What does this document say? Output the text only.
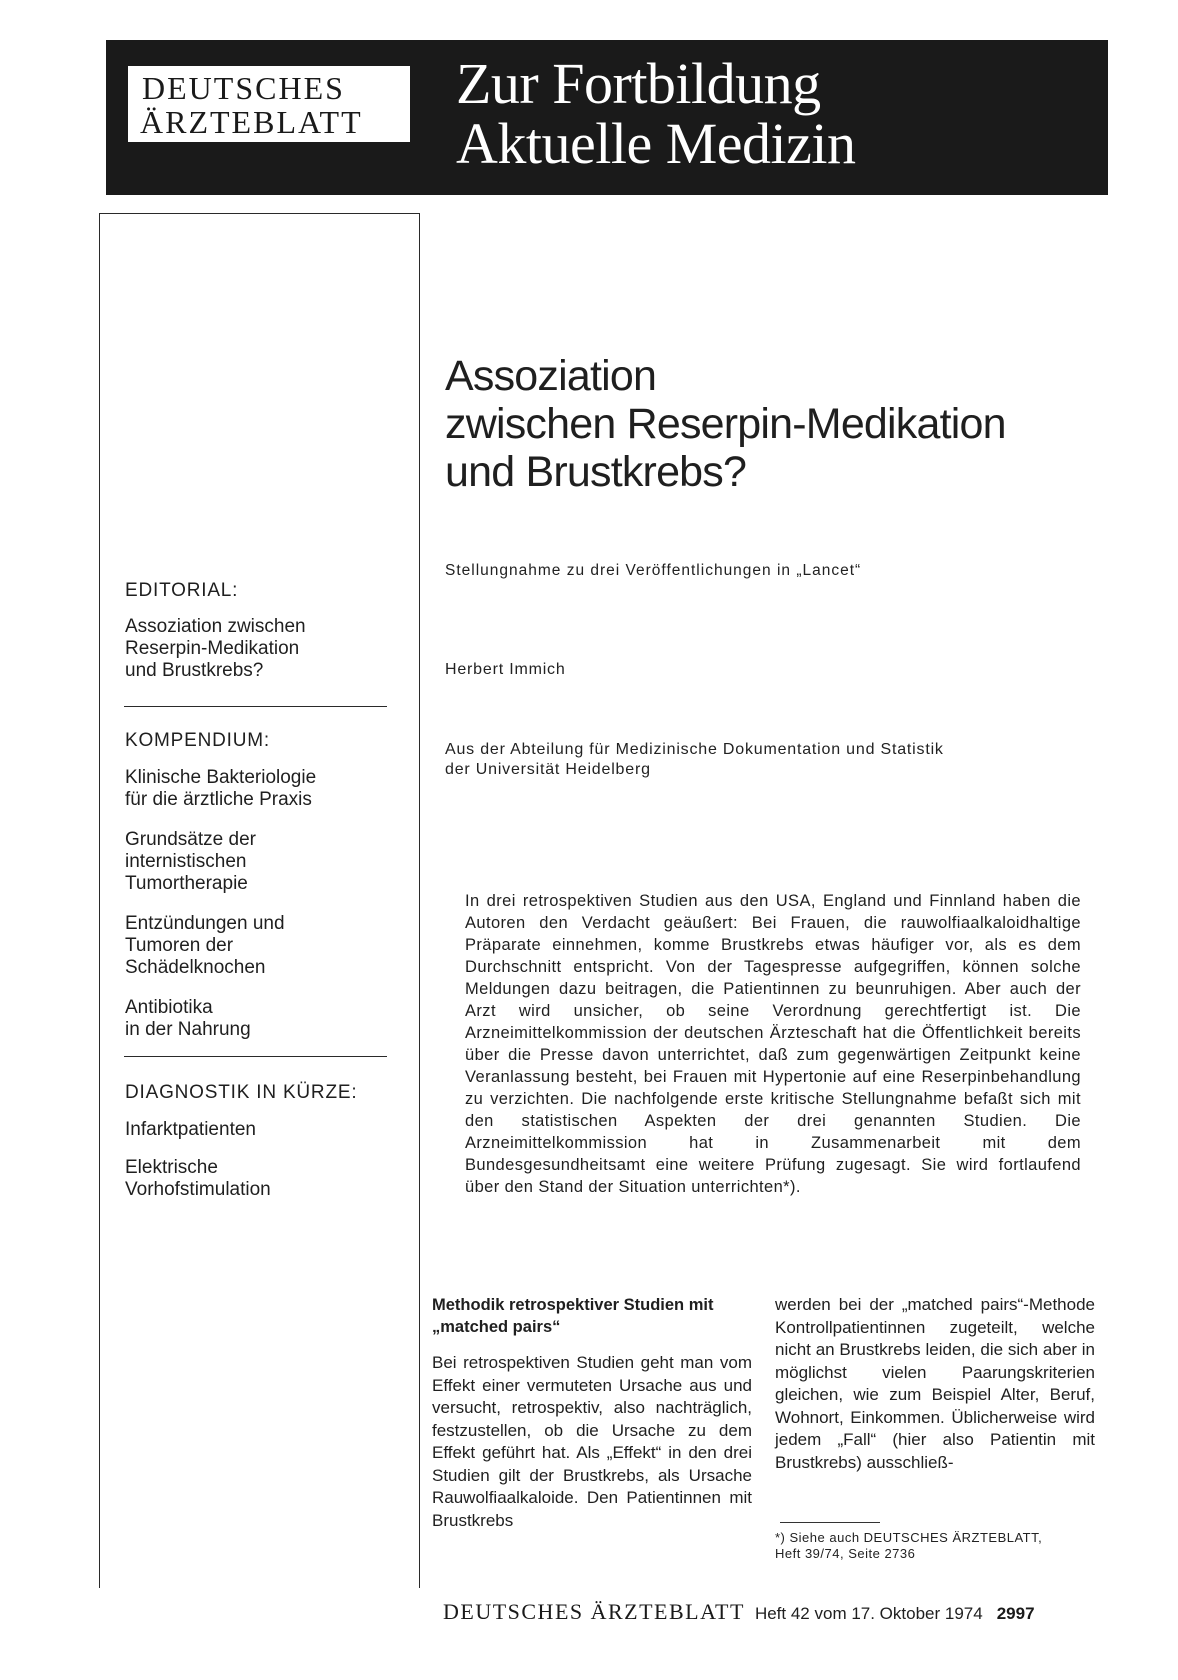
DEUTSCHES
ÄRZTEBLATT
Zur Fortbildung
Aktuelle Medizin
EDITORIAL:
Assoziation zwischen
Reserpin-Medikation
und Brustkrebs?
KOMPENDIUM:
Klinische Bakteriologie
für die ärztliche Praxis
Grundsätze der
internistischen
Tumortherapie
Entzündungen und
Tumoren der
Schädelknochen
Antibiotika
in der Nahrung
DIAGNOSTIK IN KÜRZE:
Infarktpatienten
Elektrische
Vorhofstimulation
Assoziation
zwischen Reserpin-Medikation
und Brustkrebs?
Stellungnahme zu drei Veröffentlichungen in „Lancet“
Herbert Immich
Aus der Abteilung für Medizinische Dokumentation und Statistik
der Universität Heidelberg
In drei retrospektiven Studien aus den USA, England und Finnland haben die Autoren den Verdacht geäußert: Bei Frauen, die rauwolfiaalkaloidhaltige Präparate einnehmen, komme Brustkrebs etwas häufiger vor, als es dem Durchschnitt entspricht. Von der Tagespresse aufgegriffen, können solche Meldungen dazu beitragen, die Patientinnen zu beunruhigen. Aber auch der Arzt wird unsicher, ob seine Verordnung gerechtfertigt ist. Die Arzneimittelkommission der deutschen Ärzteschaft hat die Öffentlichkeit bereits über die Presse davon unterrichtet, daß zum gegenwärtigen Zeitpunkt keine Veranlassung besteht, bei Frauen mit Hypertonie auf eine Reserpinbehandlung zu verzichten. Die nachfolgende erste kritische Stellungnahme befaßt sich mit den statistischen Aspekten der drei genannten Studien. Die Arzneimittelkommission hat in Zusammenarbeit mit dem Bundesgesundheitsamt eine weitere Prüfung zugesagt. Sie wird fortlaufend über den Stand der Situation unterrichten*).
Methodik retrospektiver Studien mit „matched pairs“
Bei retrospektiven Studien geht man vom Effekt einer vermuteten Ursache aus und versucht, retrospektiv, also nachträglich, festzustellen, ob die Ursache zu dem Effekt geführt hat. Als „Effekt“ in den drei Studien gilt der Brustkrebs, als Ursache Rauwolfiaalkaloide. Den Patientinnen mit Brustkrebs
werden bei der „matched pairs“-Methode Kontrollpatientinnen zugeteilt, welche nicht an Brustkrebs leiden, die sich aber in möglichst vielen Paarungskriterien gleichen, wie zum Beispiel Alter, Beruf, Wohnort, Einkommen. Üblicherweise wird jedem „Fall“ (hier also Patientin mit Brustkrebs) ausschließ-
*) Siehe auch DEUTSCHES ÄRZTEBLATT,
Heft 39/74, Seite 2736
DEUTSCHES ÄRZTEBLATT Heft 42 vom 17. Oktober 1974 2997
